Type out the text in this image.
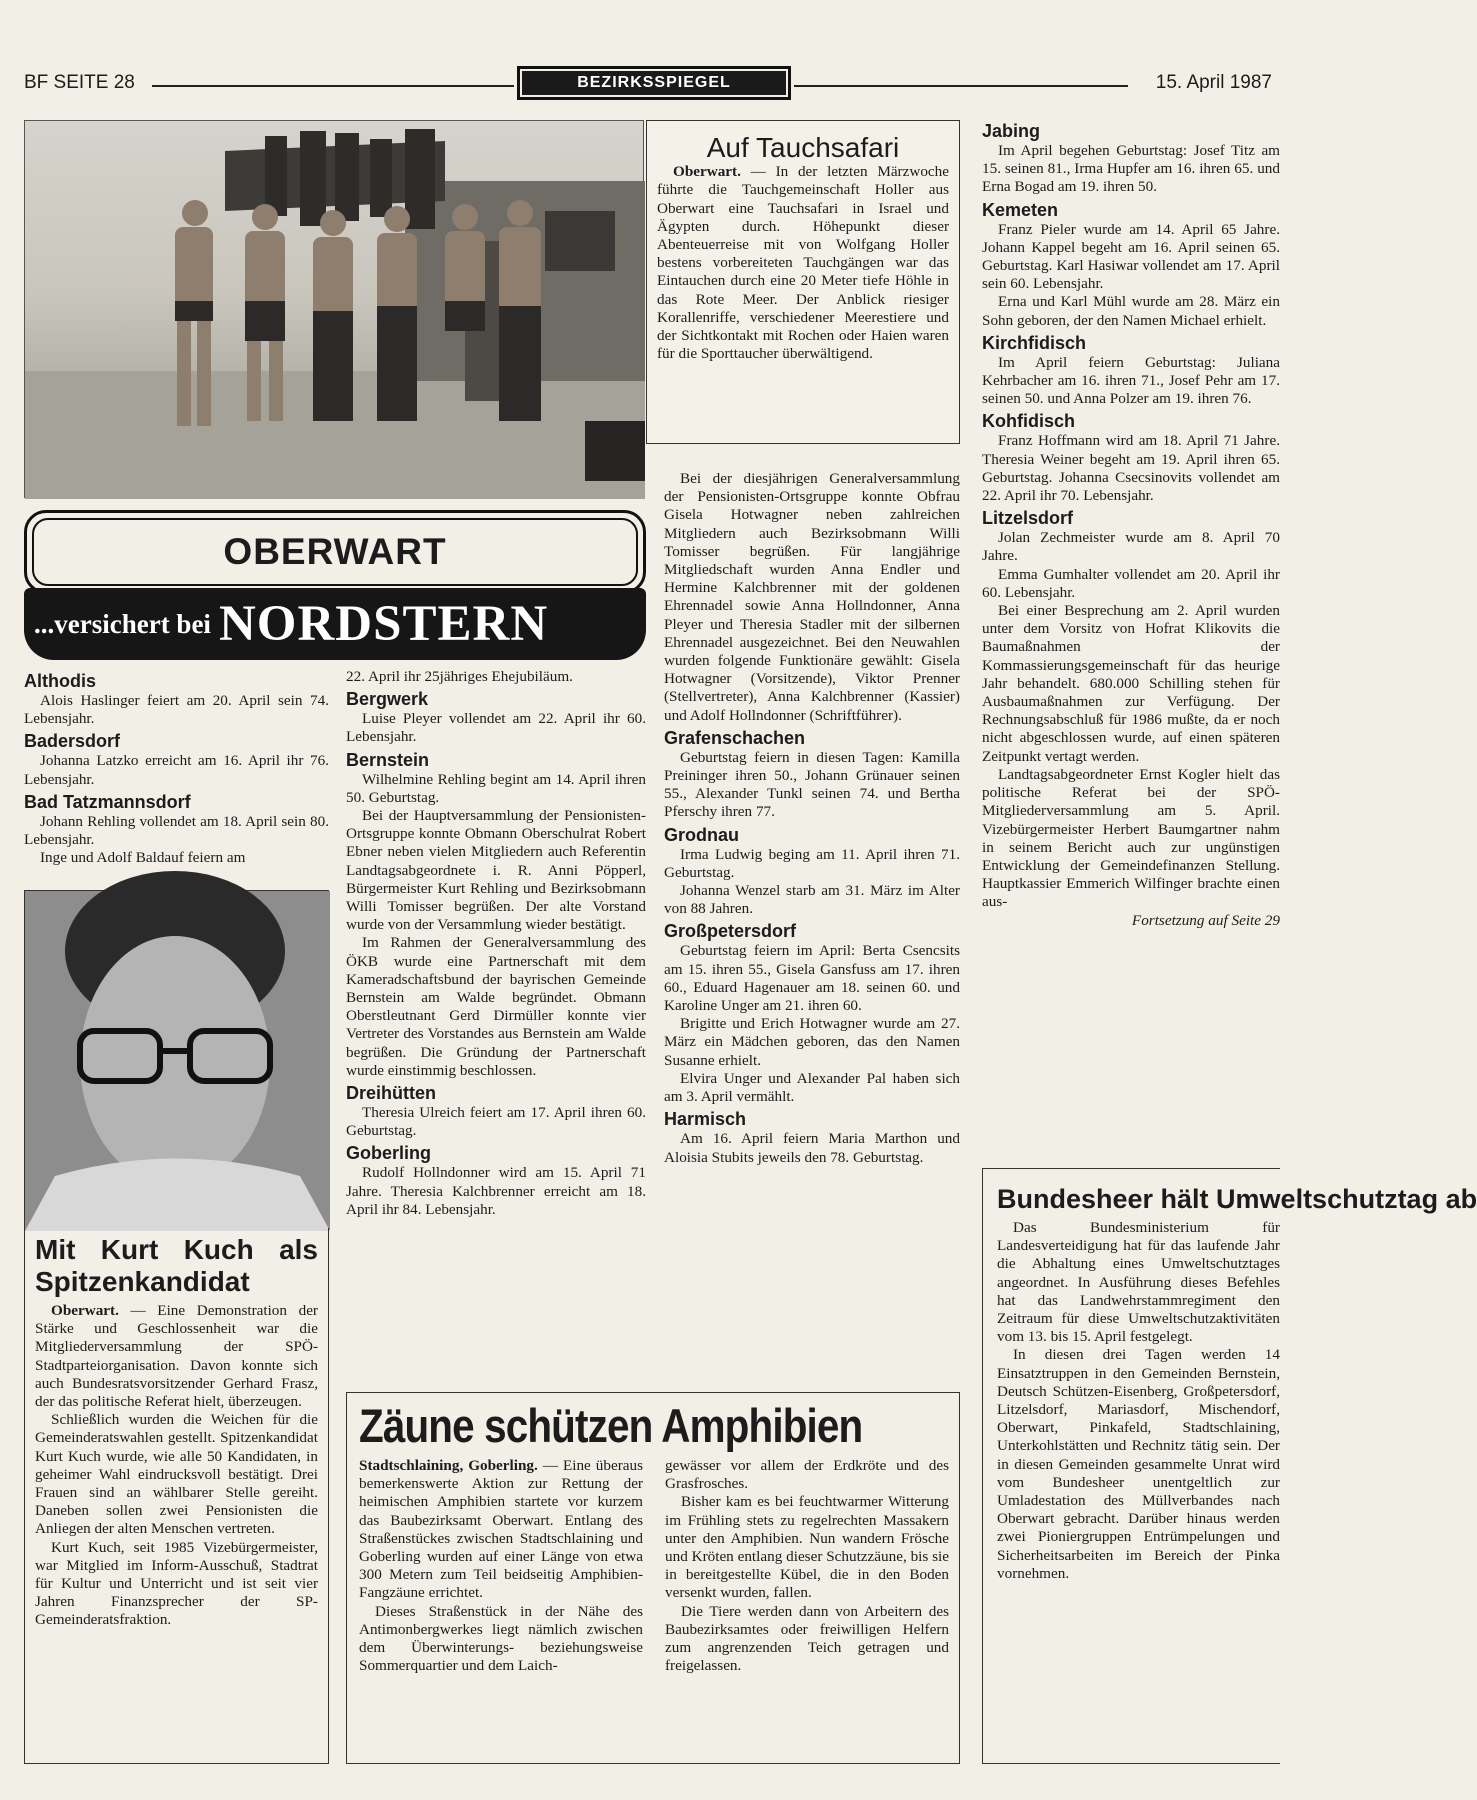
BF SEITE 28	BEZIRKSSPIEGEL	15. April 1987
Auf Tauchsafari

Oberwart. — In der letzten Märzwoche führte die Tauchgemeinschaft Holler aus Oberwart eine Tauchsafari in Israel und Ägypten durch. Höhepunkt dieser Abenteuerreise mit von Wolfgang Holler bestens vorbereiteten Tauchgängen war das Eintauchen durch eine 20 Meter tiefe Höhle in das Rote Meer. Der Anblick riesiger Korallenriffe, verschiedener Meerestiere und der Sichtkontakt mit Rochen oder Haien waren für die Sporttaucher überwältigend.

OBERWART
...versichert bei NORDSTERN
Althodis

Alois Haslinger feiert am 20. April sein 74. Lebensjahr.

Badersdorf

Johanna Latzko erreicht am 16. April ihr 76. Lebensjahr.

Bad Tatzmannsdorf

Johann Rehling vollendet am 18. April sein 80. Lebensjahr.

Inge und Adolf Baldauf feiern am

Mit Kurt Kuch als Spitzenkandidat

Oberwart. — Eine Demonstration der Stärke und Geschlossenheit war die Mitgliederversammlung der SPÖ-Stadtparteiorganisation. Davon konnte sich auch Bundesratsvorsitzender Gerhard Frasz, der das politische Referat hielt, überzeugen.

Schließlich wurden die Weichen für die Gemeinderatswahlen gestellt. Spitzenkandidat Kurt Kuch wurde, wie alle 50 Kandidaten, in geheimer Wahl eindrucksvoll bestätigt. Drei Frauen sind an wählbarer Stelle gereiht. Daneben sollen zwei Pensionisten die Anliegen der alten Menschen vertreten.

Kurt Kuch, seit 1985 Vizebürgermeister, war Mitglied im Inform-Ausschuß, Stadtrat für Kultur und Unterricht und ist seit vier Jahren Finanzsprecher der SP-Gemeinderatsfraktion.

22. April ihr 25jähriges Ehejubiläum.

Bergwerk

Luise Pleyer vollendet am 22. April ihr 60. Lebensjahr.

Bernstein

Wilhelmine Rehling begint am 14. April ihren 50. Geburtstag.

Bei der Hauptversammlung der Pensionisten-Ortsgruppe konnte Obmann Oberschulrat Robert Ebner neben vielen Mitgliedern auch Referentin Landtagsabgeordnete i. R. Anni Pöpperl, Bürgermeister Kurt Rehling und Bezirksobmann Willi Tomisser begrüßen. Der alte Vorstand wurde von der Versammlung wieder bestätigt.

Im Rahmen der Generalversammlung des ÖKB wurde eine Partnerschaft mit dem Kameradschaftsbund der bayrischen Gemeinde Bernstein am Walde begründet. Obmann Oberstleutnant Gerd Dirmüller konnte vier Vertreter des Vorstandes aus Bernstein am Walde begrüßen. Die Gründung der Partnerschaft wurde einstimmig beschlossen.

Dreihütten

Theresia Ulreich feiert am 17. April ihren 60. Geburtstag.

Goberling

Rudolf Hollndonner wird am 15. April 71 Jahre. Theresia Kalchbrenner erreicht am 18. April ihr 84. Lebensjahr.

Bei der diesjährigen Generalversammlung der Pensionisten-Ortsgruppe konnte Obfrau Gisela Hotwagner neben zahlreichen Mitgliedern auch Bezirksobmann Willi Tomisser begrüßen. Für langjährige Mitgliedschaft wurden Anna Endler und Hermine Kalchbrenner mit der goldenen Ehrennadel sowie Anna Hollndonner, Anna Pleyer und Theresia Stadler mit der silbernen Ehrennadel ausgezeichnet. Bei den Neuwahlen wurden folgende Funktionäre gewählt: Gisela Hotwagner (Vorsitzende), Viktor Prenner (Stellvertreter), Anna Kalchbrenner (Kassier) und Adolf Hollndonner (Schriftführer).

Grafenschachen

Geburtstag feiern in diesen Tagen: Kamilla Preininger ihren 50., Johann Grünauer seinen 55., Alexander Tunkl seinen 74. und Bertha Pferschy ihren 77.

Grodnau

Irma Ludwig beging am 11. April ihren 71. Geburtstag.

Johanna Wenzel starb am 31. März im Alter von 88 Jahren.

Großpetersdorf

Geburtstag feiern im April: Berta Csencsits am 15. ihren 55., Gisela Gansfuss am 17. ihren 60., Eduard Hagenauer am 18. seinen 60. und Karoline Unger am 21. ihren 60.

Brigitte und Erich Hotwagner wurde am 27. März ein Mädchen geboren, das den Namen Susanne erhielt.

Elvira Unger und Alexander Pal haben sich am 3. April vermählt.

Harmisch

Am 16. April feiern Maria Marthon und Aloisia Stubits jeweils den 78. Geburtstag.

Jabing

Im April begehen Geburtstag: Josef Titz am 15. seinen 81., Irma Hupfer am 16. ihren 65. und Erna Bogad am 19. ihren 50.

Kemeten

Franz Pieler wurde am 14. April 65 Jahre. Johann Kappel begeht am 16. April seinen 65. Geburtstag. Karl Hasiwar vollendet am 17. April sein 60. Lebensjahr.

Erna und Karl Mühl wurde am 28. März ein Sohn geboren, der den Namen Michael erhielt.

Kirchfidisch

Im April feiern Geburtstag: Juliana Kehrbacher am 16. ihren 71., Josef Pehr am 17. seinen 50. und Anna Polzer am 19. ihren 76.

Kohfidisch

Franz Hoffmann wird am 18. April 71 Jahre. Theresia Weiner begeht am 19. April ihren 65. Geburtstag. Johanna Csecsinovits vollendet am 22. April ihr 70. Lebensjahr.

Litzelsdorf

Jolan Zechmeister wurde am 8. April 70 Jahre.

Emma Gumhalter vollendet am 20. April ihr 60. Lebensjahr.

Bei einer Besprechung am 2. April wurden unter dem Vorsitz von Hofrat Klikovits die Baumaßnahmen der Kommassierungsgemeinschaft für das heurige Jahr behandelt. 680.000 Schilling stehen für Ausbaumaßnahmen zur Verfügung. Der Rechnungsabschluß für 1986 mußte, da er noch nicht abgeschlossen wurde, auf einen späteren Zeitpunkt vertagt werden.

Landtagsabgeordneter Ernst Kogler hielt das politische Referat bei der SPÖ-Mitgliederversammlung am 5. April. Vizebürgermeister Herbert Baumgartner nahm in seinem Bericht auch zur ungünstigen Entwicklung der Gemeindefinanzen Stellung. Hauptkassier Emmerich Wilfinger brachte einen aus-

Fortsetzung auf Seite 29

Zäune schützen Amphibien

Stadtschlaining, Goberling. — Eine überaus bemerkenswerte Aktion zur Rettung der heimischen Amphibien startete vor kurzem das Baubezirksamt Oberwart. Entlang des Straßenstückes zwischen Stadtschlaining und Goberling wurden auf einer Länge von etwa 300 Metern zum Teil beidseitig Amphibien-Fangzäune errichtet.

Dieses Straßenstück in der Nähe des Antimonbergwerkes liegt nämlich zwischen dem Überwinterungs- beziehungsweise Sommerquartier und dem Laich-

gewässer vor allem der Erdkröte und des Grasfrosches.

Bisher kam es bei feuchtwarmer Witterung im Frühling stets zu regelrechten Massakern unter den Amphibien. Nun wandern Frösche und Kröten entlang dieser Schutzzäune, bis sie in bereitgestellte Kübel, die in den Boden versenkt wurden, fallen.

Die Tiere werden dann von Arbeitern des Baubezirksamtes oder freiwilligen Helfern zum angrenzenden Teich getragen und freigelassen.

Bundesheer hält Umweltschutztag ab

Das Bundesministerium für Landesverteidigung hat für das laufende Jahr die Abhaltung eines Umweltschutztages angeordnet. In Ausführung dieses Befehles hat das Landwehrstammregiment den Zeitraum für diese Umweltschutzaktivitäten vom 13. bis 15. April festgelegt.

In diesen drei Tagen werden 14 Einsatztruppen in den Gemeinden Bernstein, Deutsch Schützen-Eisenberg, Großpetersdorf, Litzelsdorf, Mariasdorf, Mischendorf, Oberwart, Pinkafeld, Stadtschlaining, Unterkohlstätten und Rechnitz tätig sein. Der in diesen Gemeinden gesammelte Unrat wird vom Bundesheer unentgeltlich zur Umladestation des Müllverbandes nach Oberwart gebracht. Darüber hinaus werden zwei Pioniergruppen Entrümpelungen und Sicherheitsarbeiten im Bereich der Pinka vornehmen.
